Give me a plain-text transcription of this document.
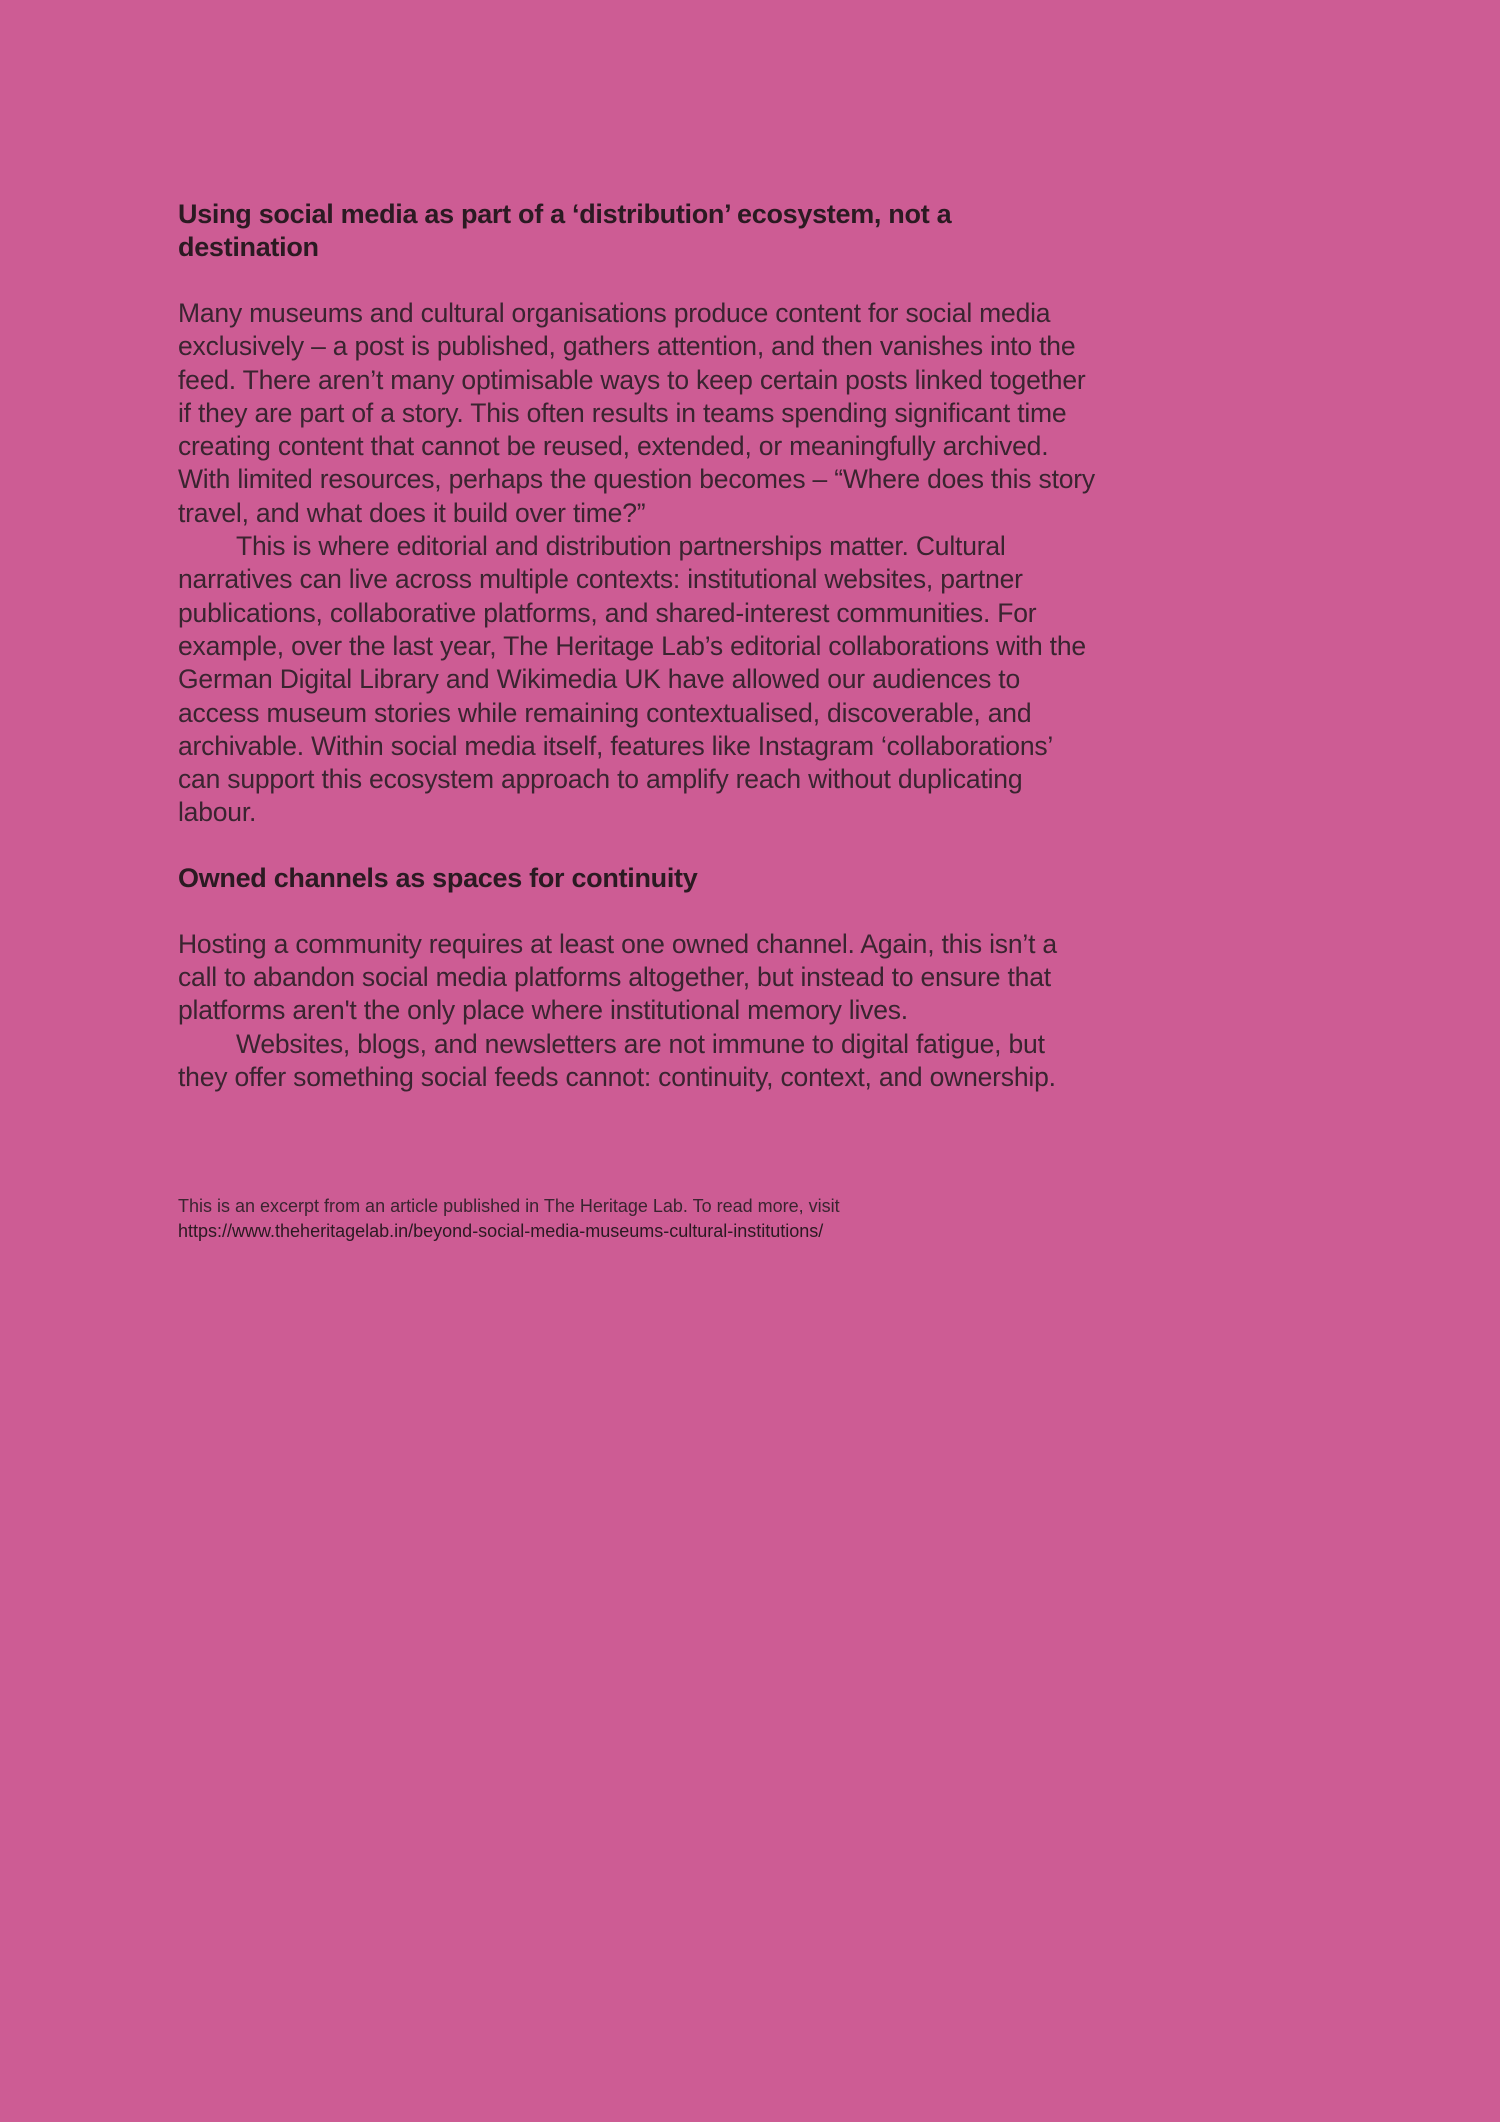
Using social media as part of a ‘distribution’ ecosystem, not a destination

Many museums and cultural organisations produce content for social media exclusively – a post is published, gathers attention, and then vanishes into the feed. There aren’t many optimisable ways to keep certain posts linked together if they are part of a story. This often results in teams spending significant time creating content that cannot be reused, extended, or meaningfully archived. With limited resources, perhaps the question becomes – “Where does this story travel, and what does it build over time?”

This is where editorial and distribution partnerships matter. Cultural narratives can live across multiple contexts: institutional websites, partner publications, collaborative platforms, and shared-interest communities. For example, over the last year, The Heritage Lab’s editorial collaborations with the German Digital Library and Wikimedia UK have allowed our audiences to access museum stories while remaining contextualised, discoverable, and archivable. Within social media itself, features like Instagram ‘collaborations’ can support this ecosystem approach to amplify reach without duplicating labour.

Owned channels as spaces for continuity

Hosting a community requires at least one owned channel. Again, this isn’t a call to abandon social media platforms altogether, but instead to ensure that platforms aren't the only place where institutional memory lives.

Websites, blogs, and newsletters are not immune to digital fatigue, but they offer something social feeds cannot: continuity, context, and ownership.

This is an excerpt from an article published in The Heritage Lab. To read more, visit
https://www.theheritagelab.in/beyond-social-media-museums-cultural-institutions/
